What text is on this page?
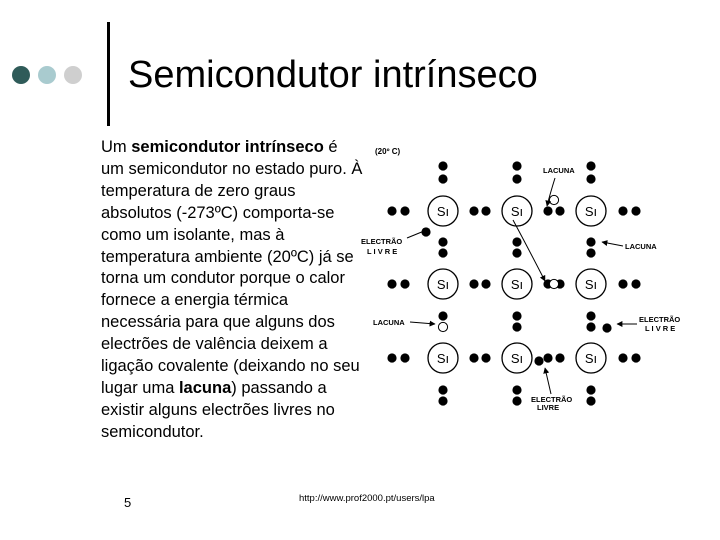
Semicondutor intrínseco
Um semicondutor intrínseco é um semicondutor no estado puro. À temperatura de zero graus absolutos (-273ºC) comporta-se como um isolante, mas à temperatura ambiente (20ºC) já se torna um condutor porque o calor fornece a energia térmica necessária para que alguns dos electrões de valência deixem a ligação covalente (deixando no seu lugar uma lacuna) passando a existir alguns electrões livres no semicondutor.
(20º C)
Sı	Sı	Sı
Sı	Sı	Sı
Sı	Sı	Sı
LACUNA
ELECTRÃO
L I V R E
LACUNA
LACUNA	ELECTRÃO
L I V R E
ELECTRÃO
LIVRE
5	http://www.prof2000.pt/users/lpa
